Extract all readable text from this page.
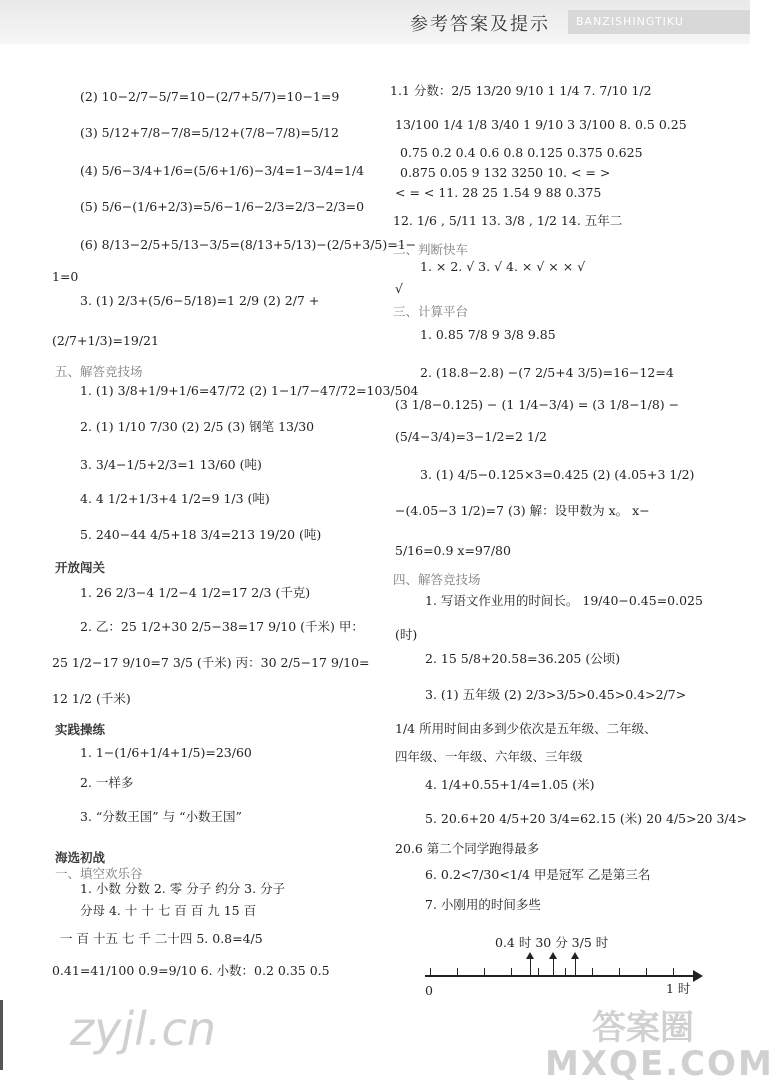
参考答案及提示	BANZISHINGTIKU
(2) 10−2/7−5/7=10−(2/7+5/7)=10−1=9
(3) 5/12+7/8−7/8=5/12+(7/8−7/8)=5/12
(4) 5/6−3/4+1/6=(5/6+1/6)−3/4=1−3/4=1/4
(5) 5/6−(1/6+2/3)=5/6−1/6−2/3=2/3−2/3=0
(6) 8/13−2/5+5/13−3/5=(8/13+5/13)−(2/5+3/5)=1−
1=0
3. (1) 2/3+(5/6−5/18)=1 2/9 (2) 2/7 +
(2/7+1/3)=19/21
五、解答竞技场
1. (1) 3/8+1/9+1/6=47/72 (2) 1−1/7−47/72=103/504
2. (1) 1/10 7/30 (2) 2/5 (3) 钢笔 13/30
3. 3/4−1/5+2/3=1 13/60 (吨)
4. 4 1/2+1/3+4 1/2=9 1/3 (吨)
5. 240−44 4/5+18 3/4=213 19/20 (吨)
开放闯关
1. 26 2/3−4 1/2−4 1/2=17 2/3 (千克)
2. 乙：25 1/2+30 2/5−38=17 9/10 (千米) 甲：
25 1/2−17 9/10=7 3/5 (千米) 丙：30 2/5−17 9/10=
12 1/2 (千米)
实践操练
1. 1−(1/6+1/4+1/5)=23/60
2. 一样多
3. “分数王国” 与 “小数王国”
海选初战
一、填空欢乐谷
1. 小数 分数 2. 零 分子 约分 3. 分子
分母 4. 十 十 七 百 百 九 15 百
一 百 十五 七 千 二十四 5. 0.8=4/5
0.41=41/100 0.9=9/10 6. 小数：0.2 0.35 0.5
1.1 分数：2/5 13/20 9/10 1 1/4 7. 7/10 1/2
13/100 1/4 1/8 3/40 1 9/10 3 3/100 8. 0.5 0.25
0.75 0.2 0.4 0.6 0.8 0.125 0.375 0.625
0.875 0.05 9 132 3250 10. < = >
< = < 11. 28 25 1.54 9 88 0.375
12. 1/6 , 5/11 13. 3/8 , 1/2 14. 五年二
二、判断快车
1. × 2. √ 3. √ 4. × √ × × √
√
三、计算平台
1. 0.85 7/8 9 3/8 9.85
2. (18.8−2.8) −(7 2/5+4 3/5)=16−12=4
(3 1/8−0.125) − (1 1/4−3/4) = (3 1/8−1/8) −
(5/4−3/4)=3−1/2=2 1/2
3. (1) 4/5−0.125×3=0.425 (2) (4.05+3 1/2)
−(4.05−3 1/2)=7 (3) 解：设甲数为 x。 x−
5/16=0.9 x=97/80
四、解答竞技场
1. 写语文作业用的时间长。 19/40−0.45=0.025
(时)
2. 15 5/8+20.58=36.205 (公顷)
3. (1) 五年级 (2) 2/3>3/5>0.45>0.4>2/7>
1/4 所用时间由多到少依次是五年级、二年级、
四年级、一年级、六年级、三年级
4. 1/4+0.55+1/4=1.05 (米)
5. 20.6+20 4/5+20 3/4=62.15 (米) 20 4/5>20 3/4>
20.6 第二个同学跑得最多
6. 0.2<7/30<1/4 甲是冠军 乙是第三名
7. 小刚用的时间多些
0.4 时 30 分 3/5 时
0	1 时
zyjl.cn	答案圈
MXQE.COM
